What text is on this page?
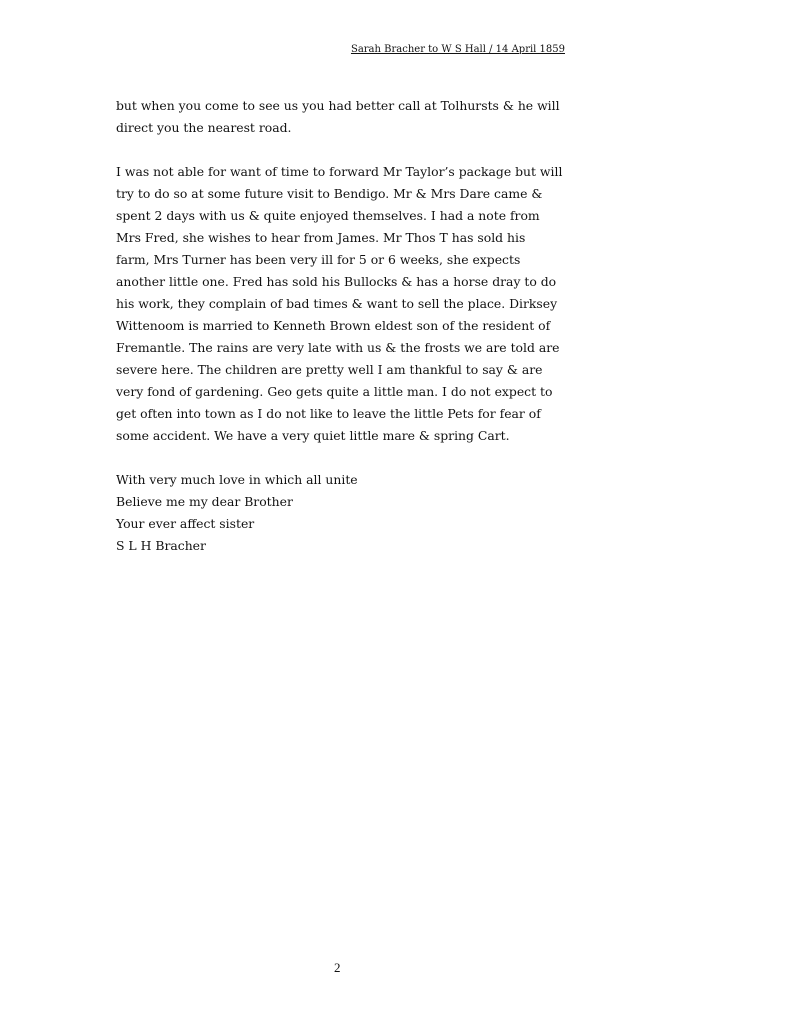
Sarah Bracher to W S Hall / 14 April 1859

but when you come to see us you had better call at Tolhursts & he will
direct you the nearest road.

I was not able for want of time to forward Mr Taylor’s package but will
try to do so at some future visit to Bendigo. Mr & Mrs Dare came &
spent 2 days with us & quite enjoyed themselves. I had a note from
Mrs Fred, she wishes to hear from James. Mr Thos T has sold his
farm, Mrs Turner has been very ill for 5 or 6 weeks, she expects
another little one. Fred has sold his Bullocks & has a horse dray to do
his work, they complain of bad times & want to sell the place. Dirksey
Wittenoom is married to Kenneth Brown eldest son of the resident of
Fremantle. The rains are very late with us & the frosts we are told are
severe here. The children are pretty well I am thankful to say & are
very fond of gardening. Geo gets quite a little man. I do not expect to
get often into town as I do not like to leave the little Pets for fear of
some accident. We have a very quiet little mare & spring Cart.

With very much love in which all unite
Believe me my dear Brother
Your ever affect sister
S L H Bracher
2
